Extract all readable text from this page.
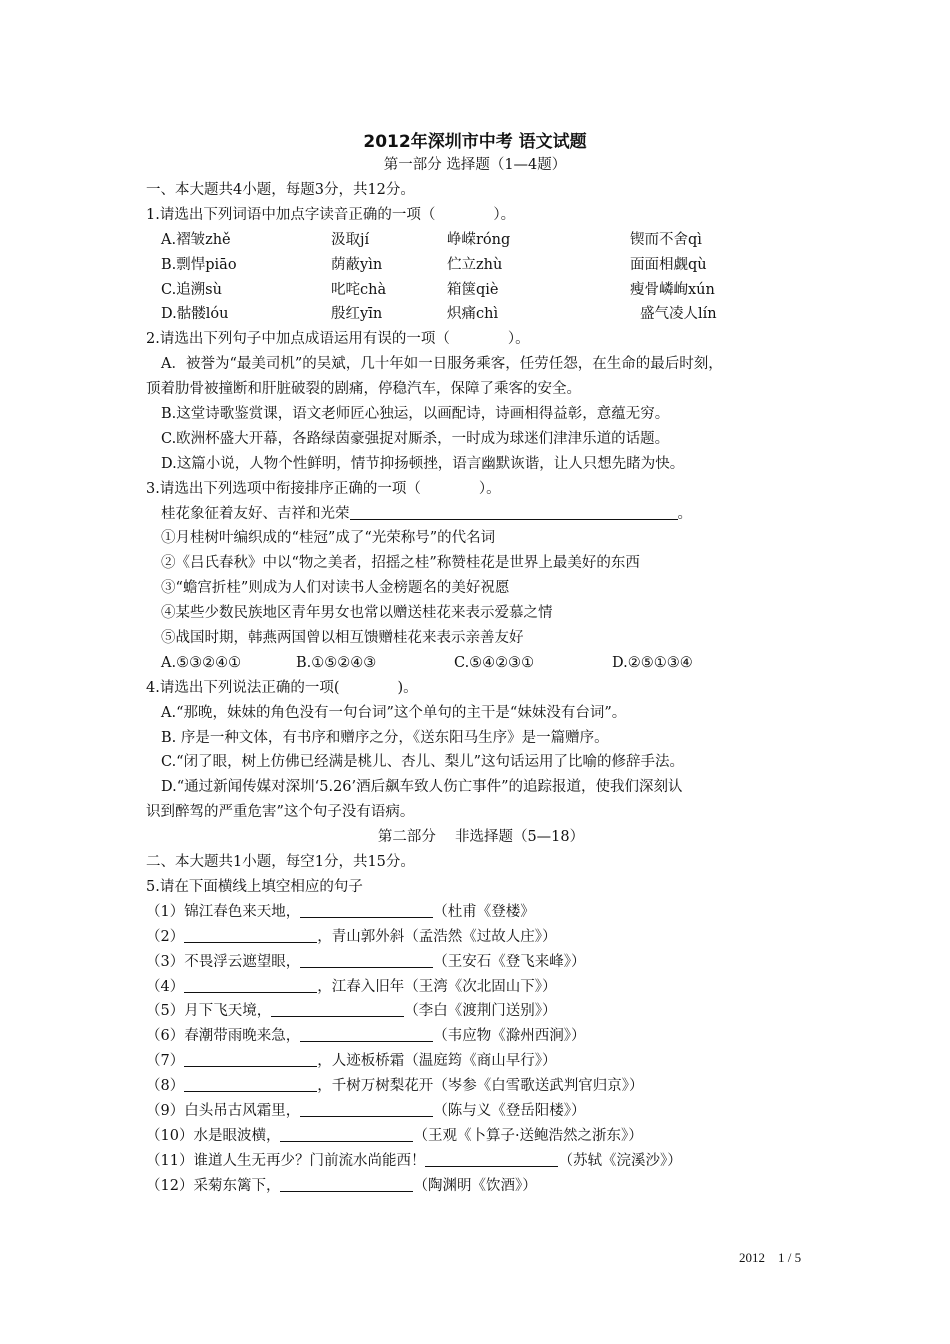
2012年深圳市中考 语文试题
第一部分 选择题（1—4题）
一、本大题共4小题，每题3分，共12分。
1.请选出下列词语中加点字读音正确的一项（　　　　）。
A.褶皱zhě	汲取jí	峥嵘róng	锲而不舍qì
B.剽悍piāo	荫蔽yìn	伫立zhù	面面相觑qù
C.追溯sù	叱咤chà	箱箧qiè	瘦骨嶙峋xún
D.骷髅lóu	殷红yīn	炽痛chì	盛气凌人lín
2.请选出下列句子中加点成语运用有误的一项（　　　　）。
A．被誉为“最美司机”的吴斌，几十年如一日服务乘客，任劳任怨，在生命的最后时刻，
顶着肋骨被撞断和肝脏破裂的剧痛，停稳汽车，保障了乘客的安全。
B.这堂诗歌鉴赏课，语文老师匠心独运，以画配诗，诗画相得益彰，意蕴无穷。
C.欧洲杯盛大开幕，各路绿茵豪强捉对厮杀，一时成为球迷们津津乐道的话题。
D.这篇小说，人物个性鲜明，情节抑扬顿挫，语言幽默诙谐，让人只想先睹为快。
3.请选出下列选项中衔接排序正确的一项（　　　　）。
桂花象征着友好、吉祥和光荣	。
①月桂树叶编织成的“桂冠”成了“光荣称号”的代名词
②《吕氏春秋》中以“物之美者，招摇之桂”称赞桂花是世界上最美好的东西
③“蟾宫折桂”则成为人们对读书人金榜题名的美好祝愿
④某些少数民族地区青年男女也常以赠送桂花来表示爱慕之情
⑤战国时期，韩燕两国曾以相互馈赠桂花来表示亲善友好
A.⑤③②④①	B.①⑤②④③	C.⑤④②③①	D.②⑤①③④
4.请选出下列说法正确的一项(　　　　)。
A.“那晚，妹妹的角色没有一句台词”这个单句的主干是“妹妹没有台词”。
B. 序是一种文体，有书序和赠序之分，《送东阳马生序》是一篇赠序。
C.“闭了眼，树上仿佛已经满是桃儿、杏儿、梨儿”这句话运用了比喻的修辞手法。
D.“通过新闻传媒对深圳‘5.26’酒后飙车致人伤亡事件”的追踪报道，使我们深刻认
识到醉驾的严重危害”这个句子没有语病。
第二部分　 非选择题（5—18）
二、本大题共1小题，每空1分，共15分。
5.请在下面横线上填空相应的句子
（1）锦江春色来天地，	（杜甫《登楼》
（2）	，青山郭外斜（孟浩然《过故人庄》）
（3）不畏浮云遮望眼，	（王安石《登飞来峰》）
（4）	，江春入旧年（王湾《次北固山下》）
（5）月下飞天境，	（李白《渡荆门送别》）
（6）春潮带雨晚来急，	（韦应物《滁州西涧》）
（7）	，人迹板桥霜（温庭筠《商山早行》）
（8）	，千树万树梨花开（岑参《白雪歌送武判官归京》）
（9）白头吊古风霜里，	（陈与义《登岳阳楼》）
（10）水是眼波横，	（王观《卜算子·送鲍浩然之浙东》）
（11）谁道人生无再少？门前流水尚能西！	（苏轼《浣溪沙》）
（12）采菊东篱下，	（陶渊明《饮酒》）
2012　1 / 5
